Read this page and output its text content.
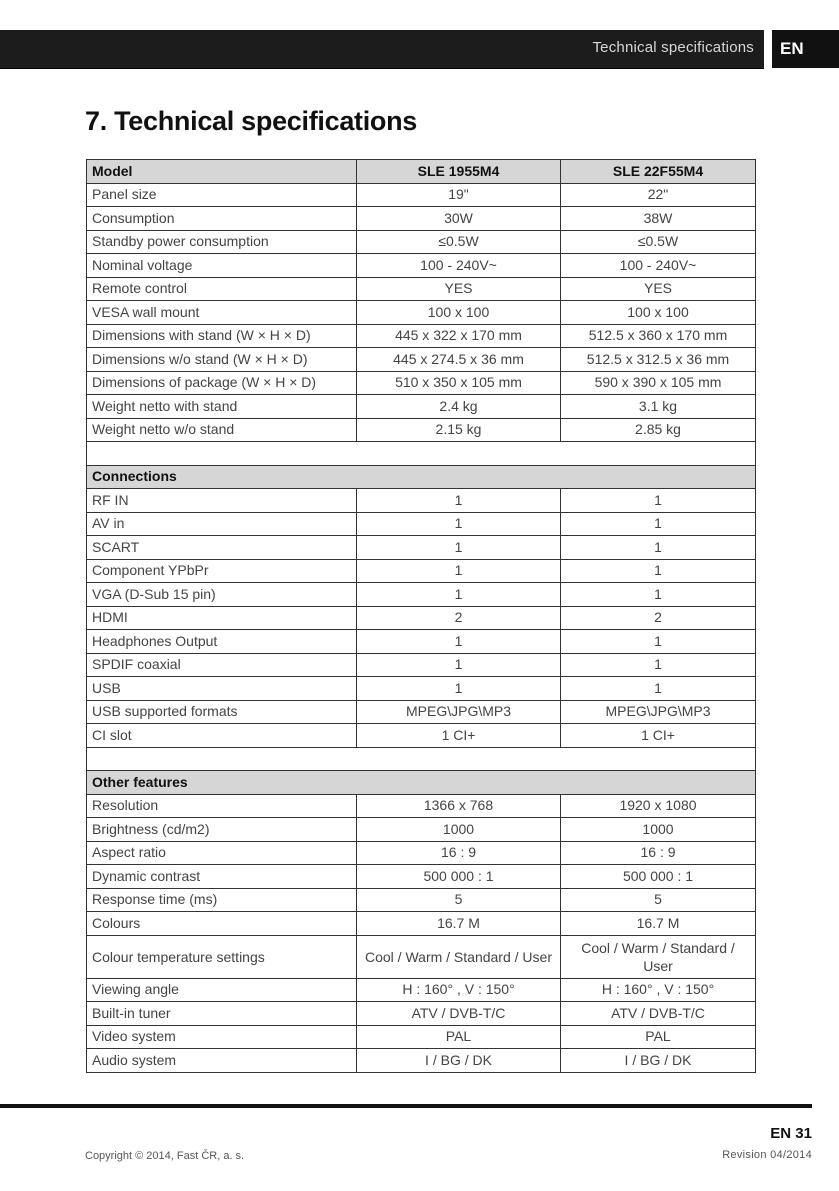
Technical specifications	EN
7. Technical specifications
Model	SLE 1955M4	SLE 22F55M4
Panel size	19"	22"
Consumption	30W	38W
Standby power consumption	≤0.5W	≤0.5W
Nominal voltage	100 - 240V~	100 - 240V~
Remote control	YES	YES
VESA wall mount	100 x 100	100 x 100
Dimensions with stand (W × H × D)	445 x 322 x 170 mm	512.5 x 360 x 170 mm
Dimensions w/o stand (W × H × D)	445 x 274.5 x 36 mm	512.5 x 312.5 x 36 mm
Dimensions of package (W × H × D)	510 x 350 x 105 mm	590 x 390 x 105 mm
Weight netto with stand	2.4 kg	3.1 kg
Weight netto w/o stand	2.15 kg	2.85 kg

Connections		
RF IN	1	1
AV in	1	1
SCART	1	1
Component YPbPr	1	1
VGA (D-Sub 15 pin)	1	1
HDMI	2	2
Headphones Output	1	1
SPDIF coaxial	1	1
USB	1	1
USB supported formats	MPEG\JPG\MP3	MPEG\JPG\MP3
CI slot	1 CI+	1 CI+

Other features		
Resolution	1366 x 768	1920 x 1080
Brightness (cd/m2)	1000	1000
Aspect ratio	16 : 9	16 : 9
Dynamic contrast	500 000 : 1	500 000 : 1
Response time (ms)	5	5
Colours	16.7 M	16.7 M
Colour temperature settings	Cool / Warm / Standard / User	Cool / Warm / Standard / User
Viewing angle	H : 160° , V : 150°	H : 160° , V : 150°
Built-in tuner	ATV / DVB-T/C	ATV / DVB-T/C
Video system	PAL	PAL
Audio system	I / BG / DK	I / BG / DK
EN 31
Copyright © 2014, Fast ČR, a. s.	Revision 04/2014
